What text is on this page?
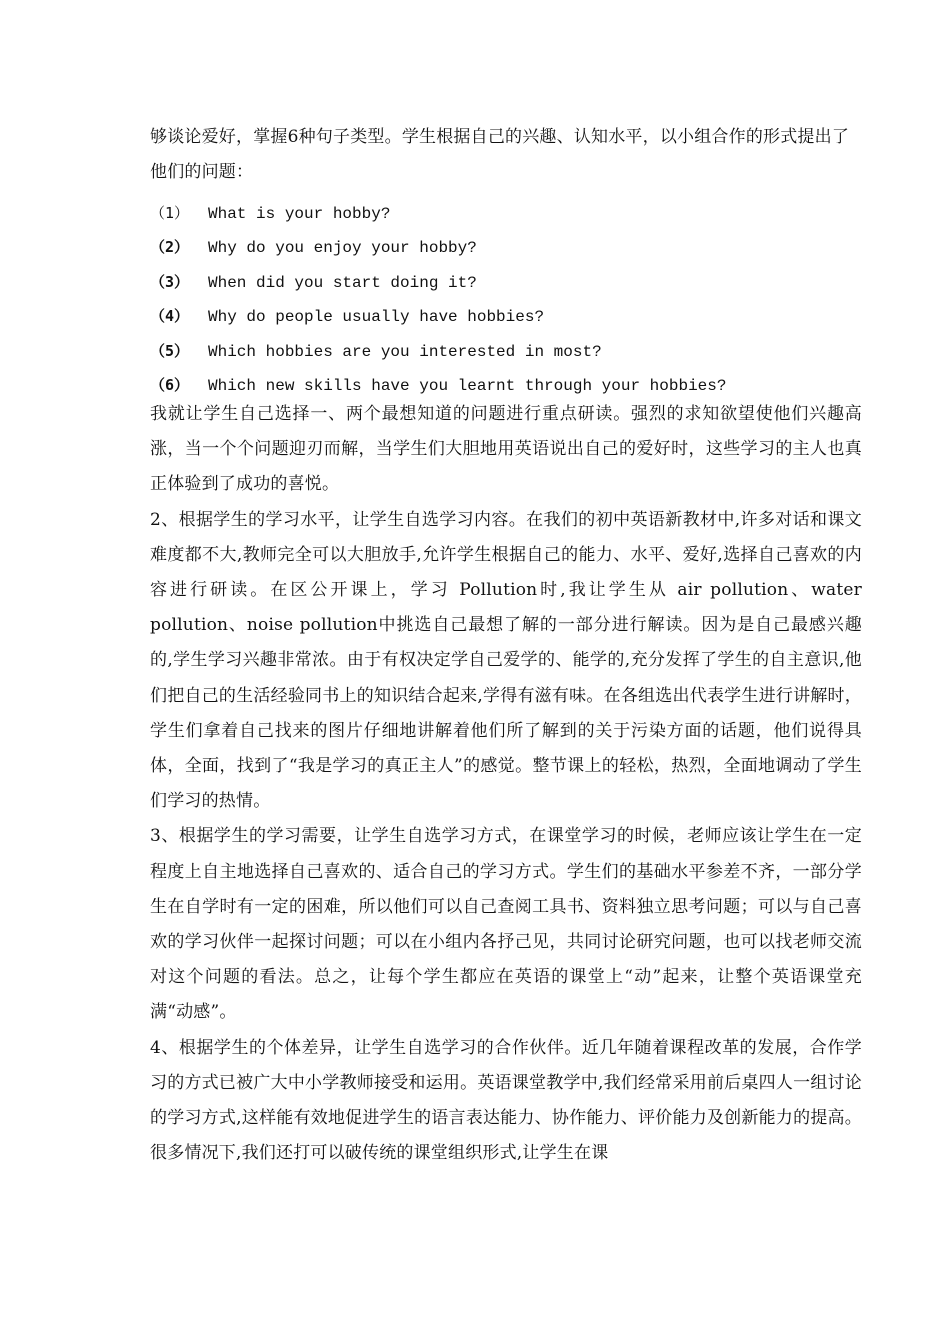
够谈论爱好，掌握6种句子类型。学生根据自己的兴趣、认知水平，以小组合作的形式提出了他们的问题：
（1） What is your hobby?
（2） Why do you enjoy your hobby?
（3） When did you start doing it?
（4） Why do people usually have hobbies?
（5） Which hobbies are you interested in most?
（6） Which new skills have you learnt through your hobbies?

我就让学生自己选择一、两个最想知道的问题进行重点研读。强烈的求知欲望使他们兴趣高涨，当一个个问题迎刃而解，当学生们大胆地用英语说出自己的爱好时，这些学习的主人也真正体验到了成功的喜悦。

2、根据学生的学习水平，让学生自选学习内容。在我们的初中英语新教材中,许多对话和课文难度都不大,教师完全可以大胆放手,允许学生根据自己的能力、水平、爱好,选择自己喜欢的内容进行研读。在区公开课上，学习 Pollution时,我让学生从 air pollution、water pollution、noise pollution中挑选自己最想了解的一部分进行解读。因为是自己最感兴趣的,学生学习兴趣非常浓。由于有权决定学自己爱学的、能学的,充分发挥了学生的自主意识,他们把自己的生活经验同书上的知识结合起来,学得有滋有味。在各组选出代表学生进行讲解时，学生们拿着自己找来的图片仔细地讲解着他们所了解到的关于污染方面的话题，他们说得具体，全面，找到了“我是学习的真正主人”的感觉。整节课上的轻松，热烈，全面地调动了学生们学习的热情。

3、根据学生的学习需要，让学生自选学习方式，在课堂学习的时候，老师应该让学生在一定程度上自主地选择自己喜欢的、适合自己的学习方式。学生们的基础水平参差不齐，一部分学生在自学时有一定的困难，所以他们可以自己查阅工具书、资料独立思考问题；可以与自己喜欢的学习伙伴一起探讨问题；可以在小组内各抒己见，共同讨论研究问题，也可以找老师交流对这个问题的看法。总之，让每个学生都应在英语的课堂上“动”起来，让整个英语课堂充满“动感”。

4、根据学生的个体差异，让学生自选学习的合作伙伴。近几年随着课程改革的发展，合作学习的方式已被广大中小学教师接受和运用。英语课堂教学中,我们经常采用前后桌四人一组讨论的学习方式,这样能有效地促进学生的语言表达能力、协作能力、评价能力及创新能力的提高。很多情况下,我们还打可以破传统的课堂组织形式,让学生在课
